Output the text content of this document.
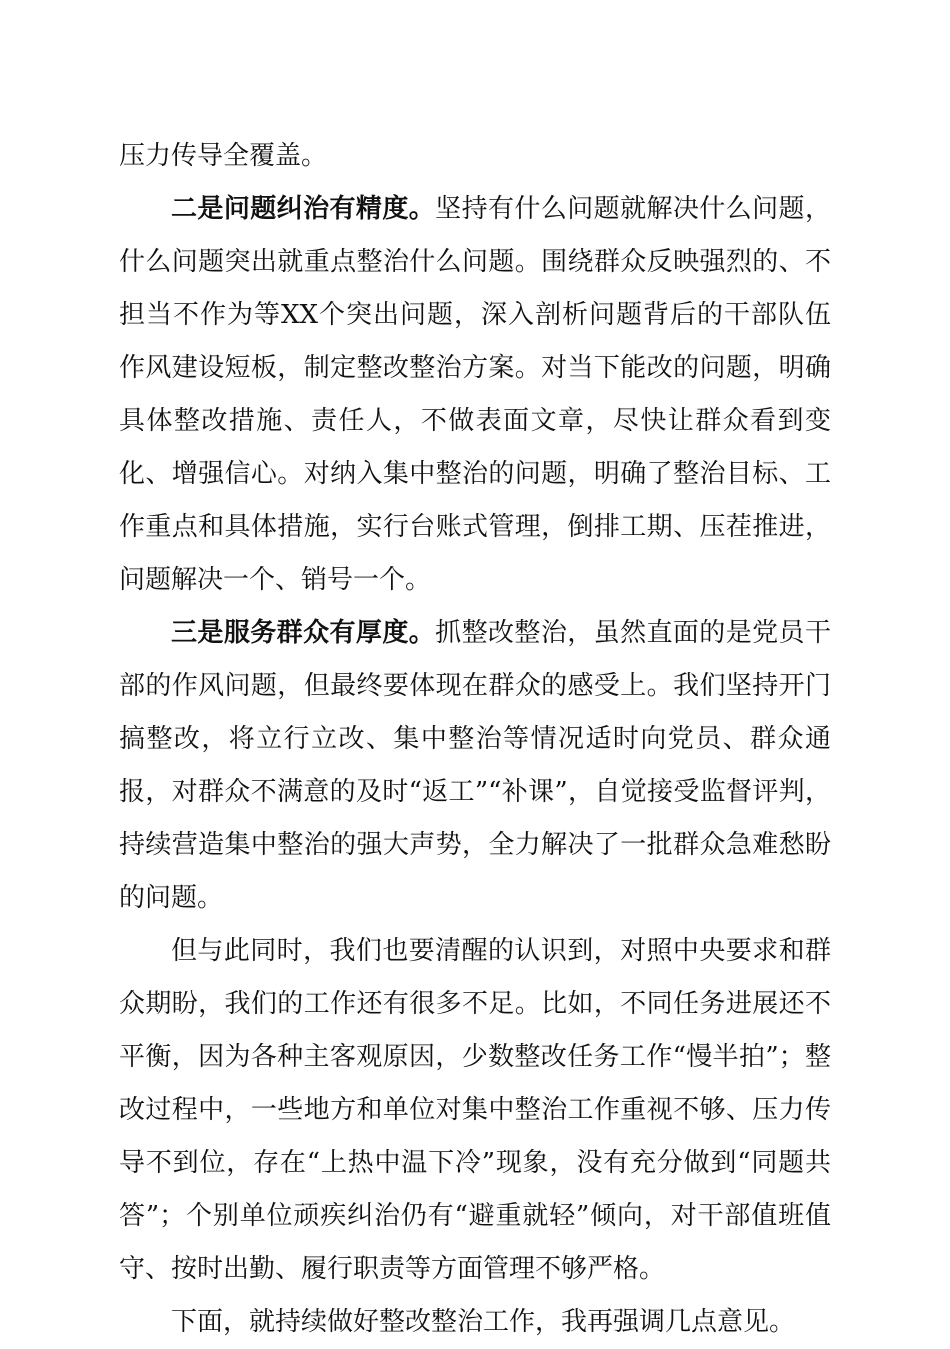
压力传导全覆盖。

二是问题纠治有精度。坚持有什么问题就解决什么问题，什么问题突出就重点整治什么问题。围绕群众反映强烈的、不担当不作为等XX个突出问题，深入剖析问题背后的干部队伍作风建设短板，制定整改整治方案。对当下能改的问题，明确具体整改措施、责任人，不做表面文章，尽快让群众看到变化、增强信心。对纳入集中整治的问题，明确了整治目标、工作重点和具体措施，实行台账式管理，倒排工期、压茬推进，问题解决一个、销号一个。

三是服务群众有厚度。抓整改整治，虽然直面的是党员干部的作风问题，但最终要体现在群众的感受上。我们坚持开门搞整改，将立行立改、集中整治等情况适时向党员、群众通报，对群众不满意的及时“返工”“补课”，自觉接受监督评判，持续营造集中整治的强大声势，全力解决了一批群众急难愁盼的问题。

但与此同时，我们也要清醒的认识到，对照中央要求和群众期盼，我们的工作还有很多不足。比如，不同任务进展还不平衡，因为各种主客观原因，少数整改任务工作“慢半拍”；整改过程中，一些地方和单位对集中整治工作重视不够、压力传导不到位，存在“上热中温下冷”现象，没有充分做到“同题共答”；个别单位顽疾纠治仍有“避重就轻”倾向，对干部值班值守、按时出勤、履行职责等方面管理不够严格。

下面，就持续做好整改整治工作，我再强调几点意见。
